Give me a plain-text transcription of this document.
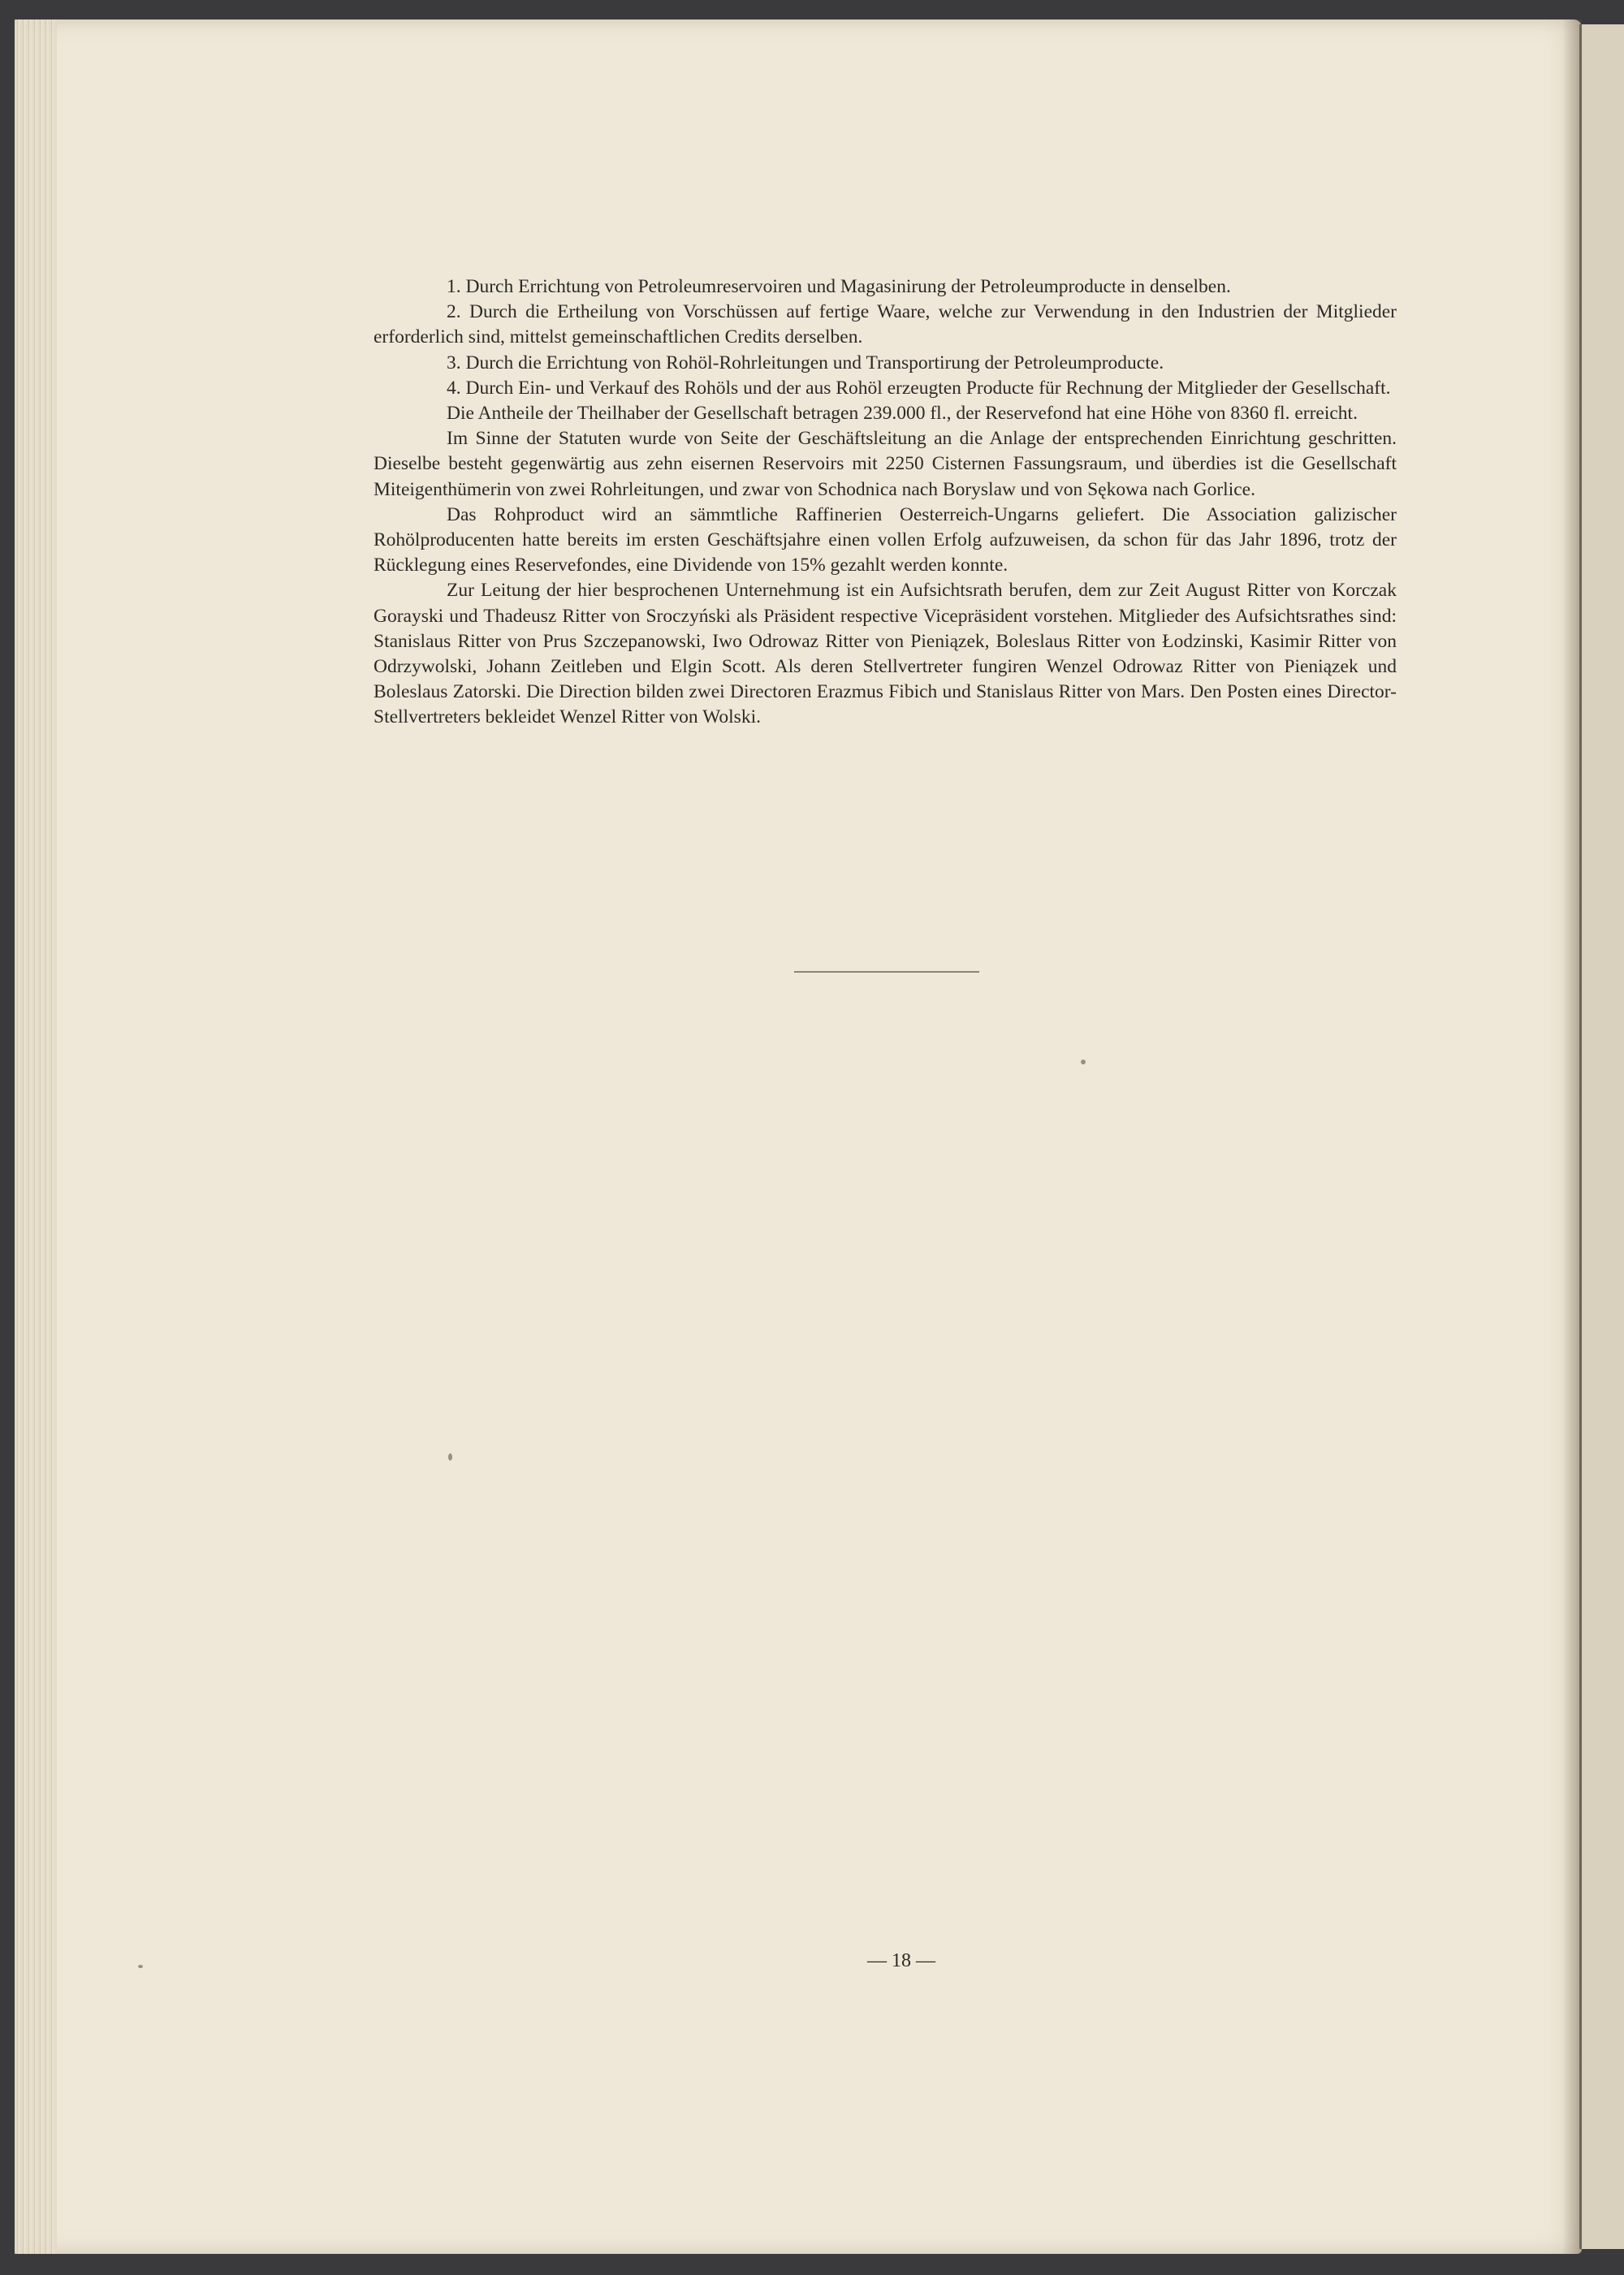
1. Durch Errichtung von Petroleumreservoiren und Magasinirung der Petroleumproducte in denselben.

2. Durch die Ertheilung von Vorschüssen auf fertige Waare, welche zur Verwendung in den Industrien der Mitglieder erforderlich sind, mittelst gemeinschaftlichen Credits derselben.

3. Durch die Errichtung von Rohöl-Rohrleitungen und Transportirung der Petroleumproducte.

4. Durch Ein- und Verkauf des Rohöls und der aus Rohöl erzeugten Producte für Rechnung der Mitglieder der Gesellschaft.

Die Antheile der Theilhaber der Gesellschaft betragen 239.000 fl., der Reservefond hat eine Höhe von 8360 fl. erreicht.

Im Sinne der Statuten wurde von Seite der Geschäftsleitung an die Anlage der entsprechenden Einrichtung geschritten. Dieselbe besteht gegenwärtig aus zehn eisernen Reservoirs mit 2250 Cisternen Fassungsraum, und überdies ist die Gesellschaft Miteigenthümerin von zwei Rohrleitungen, und zwar von Schodnica nach Boryslaw und von Sękowa nach Gorlice.

Das Rohproduct wird an sämmtliche Raffinerien Oesterreich-Ungarns geliefert. Die Association galizischer Rohölproducenten hatte bereits im ersten Geschäftsjahre einen vollen Erfolg aufzuweisen, da schon für das Jahr 1896, trotz der Rücklegung eines Reservefondes, eine Dividende von 15% gezahlt werden konnte.

Zur Leitung der hier besprochenen Unternehmung ist ein Aufsichtsrath berufen, dem zur Zeit August Ritter von Korczak Gorayski und Thadeusz Ritter von Sroczyński als Präsident respective Vicepräsident vorstehen. Mitglieder des Aufsichtsrathes sind: Stanislaus Ritter von Prus Szczepanowski, Iwo Odrowaz Ritter von Pieniązek, Boleslaus Ritter von Łodzinski, Kasimir Ritter von Odrzywolski, Johann Zeitleben und Elgin Scott. Als deren Stellvertreter fungiren Wenzel Odrowaz Ritter von Pieniązek und Boleslaus Zatorski. Die Direction bilden zwei Directoren Erazmus Fibich und Stanislaus Ritter von Mars. Den Posten eines Director-Stellvertreters bekleidet Wenzel Ritter von Wolski.

— 18 —
